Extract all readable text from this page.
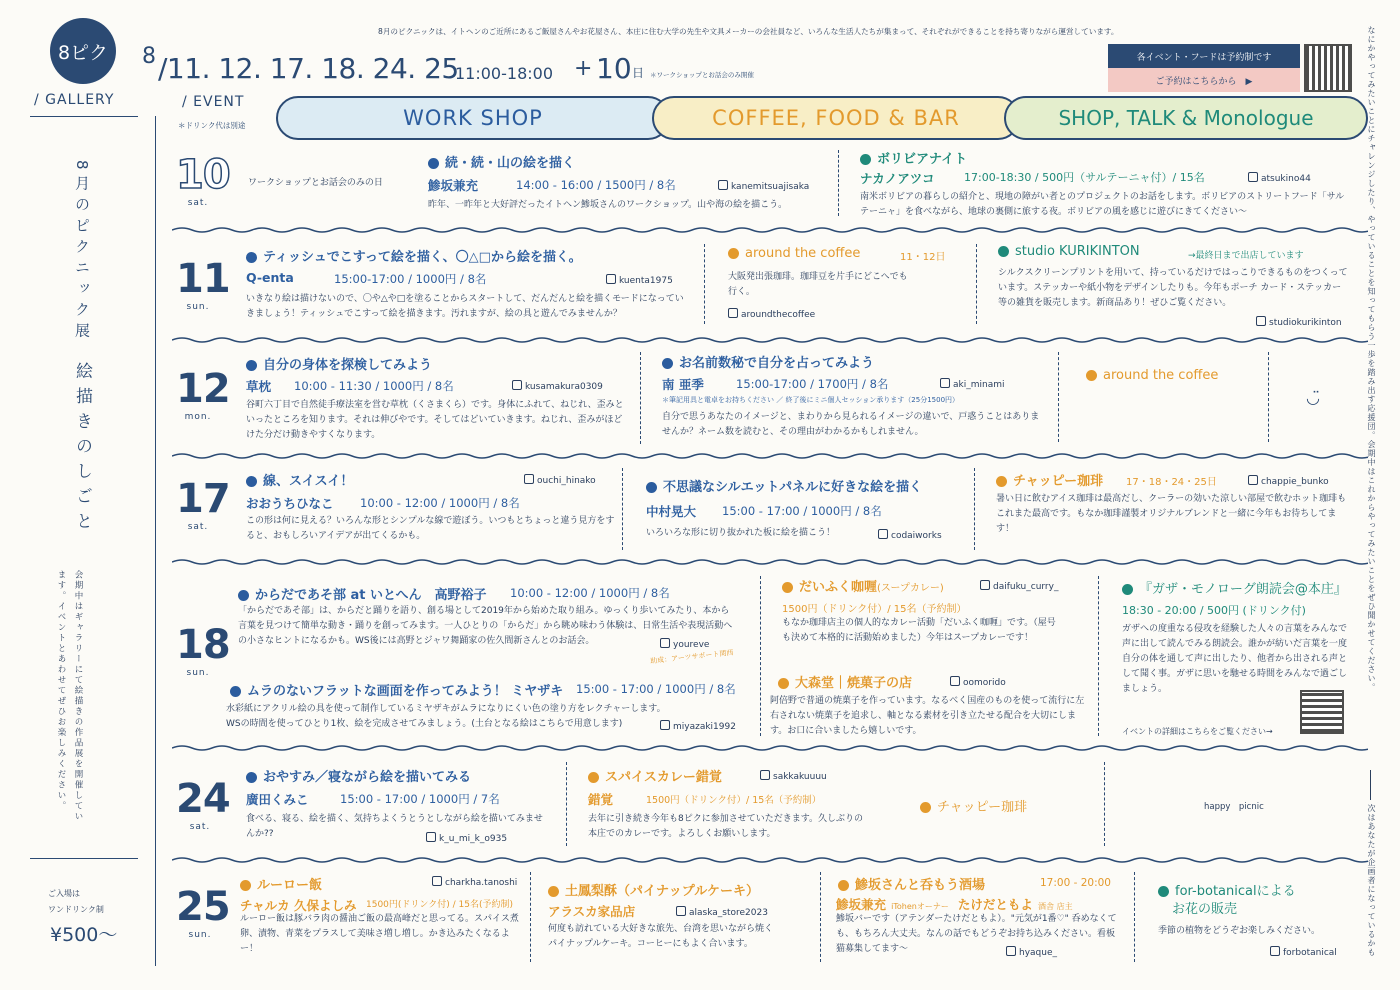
8ピク
/ GALLERY
8 /11. 12. 17. 18. 24. 25
11:00-18:00 + 10 日 ＊ワークショップとお話会のみ開催
/ EVENT
＊ドリンク代は別途
8月のピクニックは、イトヘンのご近所にあるご飯屋さんやお花屋さん、本庄に住む大学の先生や文具メーカーの会社員など、いろんな生活人たちが集まって、それぞれができることを持ち寄りながら運営しています。
各イベント・フードは予約制です
ご予約はこちらから　▶
WORK SHOP	COFFEE, FOOD & BAR	SHOP, TALK & Monologue
8月のピクニック展
絵描きのしごと
会期中はギャラリーにて絵描きの作品展を開催しています。イベントとあわせてぜひお楽しみください。
ご入場は
ワンドリンク制
¥500～
なにかやってみたいことにチャレンジしたり、やっていることを知ってもらう一歩を踏み出す応援団。会期中はこれからやってみたいことをぜひ聞かせてください。
次はあなたが企画者になっているかも
10
sat.
11
sun.
12
mon.
17
sat.
18
sun.
24
sat.
25
sun.
ワークショップとお話会のみの日
続・続・山の絵を描く
鯵坂兼充	14:00 - 16:00 / 1500円 / 8名	kanemitsuajisaka
昨年、一昨年と大好評だったイトヘン鯵坂さんのワークショップ。山や海の絵を描こう。
ボリビアナイト
ナカノアツコ	17:00-18:30 / 500円（サルテーニャ付）/ 15名	atsukino44
南米ボリビアの暮らしの紹介と、現地の障がい者とのプロジェクトのお話をします。ボリビアのストリートフード「サルテーニャ」を食べながら、地球の裏側に旅する夜。ボリビアの風を感じに遊びにきてください〜
ティッシュでこすって絵を描く、〇△□から絵を描く。
Q-enta	15:00-17:00 / 1000円 / 8名	kuenta1975
いきなり絵は描けないので、〇や△や□を塗ることからスタートして、だんだんと絵を描くモードになっていきましょう！ティッシュでこすって絵を描きます。汚れますが、絵の具と遊んでみませんか？
around the coffee	11・12日
大阪発出張珈琲。珈琲豆を片手にどこへでも行く。
aroundthecoffee
studio KURIKINTON	→最終日まで出店しています
シルクスクリーンプリントを用いて、持っているだけではっこりできるものをつくっています。ステッカーや紙小物をデザインしたりも。今年もポーチ カード・ステッカー等の雑貨を販売します。新商品あり！ぜひご覧ください。
studiokurikinton
自分の身体を探検してみよう
草枕 10:00 - 11:30 / 1000円 / 8名	kusamakura0309
谷町六丁目で自然徒手療法室を営む草枕（くさまくら）です。身体にふれて、ねじれ、歪みといったところを知ります。それは伸びやです。そしてはどいていきます。ねじれ、歪みがほどけた分だけ動きやすくなります。
お名前数秘で自分を占ってみよう
南 亜季	15:00-17:00 / 1700円 / 8名	aki_minami
＊筆記用具と電卓をお持ちください ／ 終了後にミニ個人セッション承ります（25分1500円）
自分で思うあなたのイメージと、まわりから見られるイメージの違いで、戸惑うことはありませんか？ネーム数を読むと、その理由がわかるかもしれません。
around the coffee
◡̈
線、スイスイ！	ouchi_hinako
おおうちひなこ 10:00 - 12:00 / 1000円 / 8名
この形は何に見える？いろんな形とシンプルな線で遊ぼう。いつもとちょっと違う見方をすると、おもしろいアイデアが出てくるかも。
不思議なシルエットパネルに好きな絵を描く
中村晃大 15:00 - 17:00 / 1000円 / 8名
いろいろな形に切り抜かれた板に絵を描こう！	codaiworks
チャッピー珈琲 17・18・24・25日	chappie_bunko
暑い日に飲むアイス珈琲は最高だし、クーラーの効いた涼しい部屋で飲むホット珈琲もこれまた最高です。もなか珈琲謹製オリジナルブレンドと一緒に今年もお待ちしてます！
からだであそ部 at いとへん　高野裕子 10:00 - 12:00 / 1000円 / 8名
「からだであそ部」は、からだと踊りを語り、創る場として2019年から始めた取り組み。ゆっくり歩いてみたり、本から言葉を見つけて簡単な動き・踊りを創ってみます。一人ひとりの「からだ」から眺め味わう体験は、日常生活や表現活動への小さなヒントになるかも。WS後には高野とジャワ舞踊家の佐久間新さんとのお話会。	youreve
助成：アーツサポート関西
ムラのないフラットな画面を作ってみよう！ ミヤザキ 15:00 - 17:00 / 1000円 / 8名
水彩紙にアクリル絵の具を使って制作しているミヤザキがムラになりにくい色の塗り方をレクチャーします。WSの時間を使ってひとり1枚、絵を完成させてみましょう。(土台となる絵はこちらで用意します)	miyazaki1992
だいふく咖喱(スープカレー)	daifuku_curry_
1500円（ドリンク付）/ 15名（予約制）
もなか珈琲店主の個人的なカレー活動「だいふく咖喱」です。（屋号も決めて本格的に活動始めました）今年はスープカレーです！
大森堂｜焼菓子の店	oomorido
阿倍野で普通の焼菓子を作っています。なるべく国産のものを使って流行に左右されない焼菓子を追求し、軸となる素材を引き立たせる配合を大切にします。お口に合いましたら嬉しいです。
『ガザ・モノローグ朗読会@本庄』
18:30 - 20:00 / 500円 (ドリンク付)
ガザへの度重なる侵攻を経験した人々の言葉をみんなで声に出して読んでみる朗読会。誰かが紡いだ言葉を一度自分の体を通して声に出したり、他者から出される声として聞く事。ガザに思いを馳せる時間をみんなで過ごしましょう。
イベントの詳細はこちらをご覧ください→
おやすみ／寝ながら絵を描いてみる
廣田くみこ	15:00 - 17:00 / 1000円 / 7名
食べる、寝る、絵を描く、気持ちよくうとうとしながら絵を描いてみませんか??	k_u_mi_k_o935
スパイスカレー錯覚	sakkakuuuu
錯覚	1500円（ドリンク付）/ 15名（予約制）
去年に引き続き今年も8ピクに参加させていただきます。久しぶりの本庄でのカレーです。よろしくお願いします。
チャッピー珈琲	happy　picnic
ルーロー飯	charkha.tanoshi
チャルカ 久保よしみ 1500円(ドリンク付) / 15名(予約制)
ルーロー飯は豚バラ肉の醤油ご飯の最高峰だと思ってる。スパイス煮卵、漬物、青菜をプラスして美味さ増し増し。かき込みたくなるよー！
土鳳梨酥（パイナップルケーキ）
アラスカ家品店	alaska_store2023
何度も訪れている大好きな旅先、台湾を思いながら焼くパイナップルケーキ。コーヒーにもよく合います。
鯵坂さんと呑もう酒場	17:00 - 20:00
鯵坂兼充 iTohenオーナー たけだともよ 酒舎 店主
鯵坂バーです（アテンダーたけだともよ）。"元気が1番♡" 呑めなくても、もちろん大丈夫。なんの話でもどうぞお持ち込みください。看板猫募集してます〜	hyaque_
for-botanicalによる
お花の販売
季節の植物をどうぞお楽しみください。
forbotanical
